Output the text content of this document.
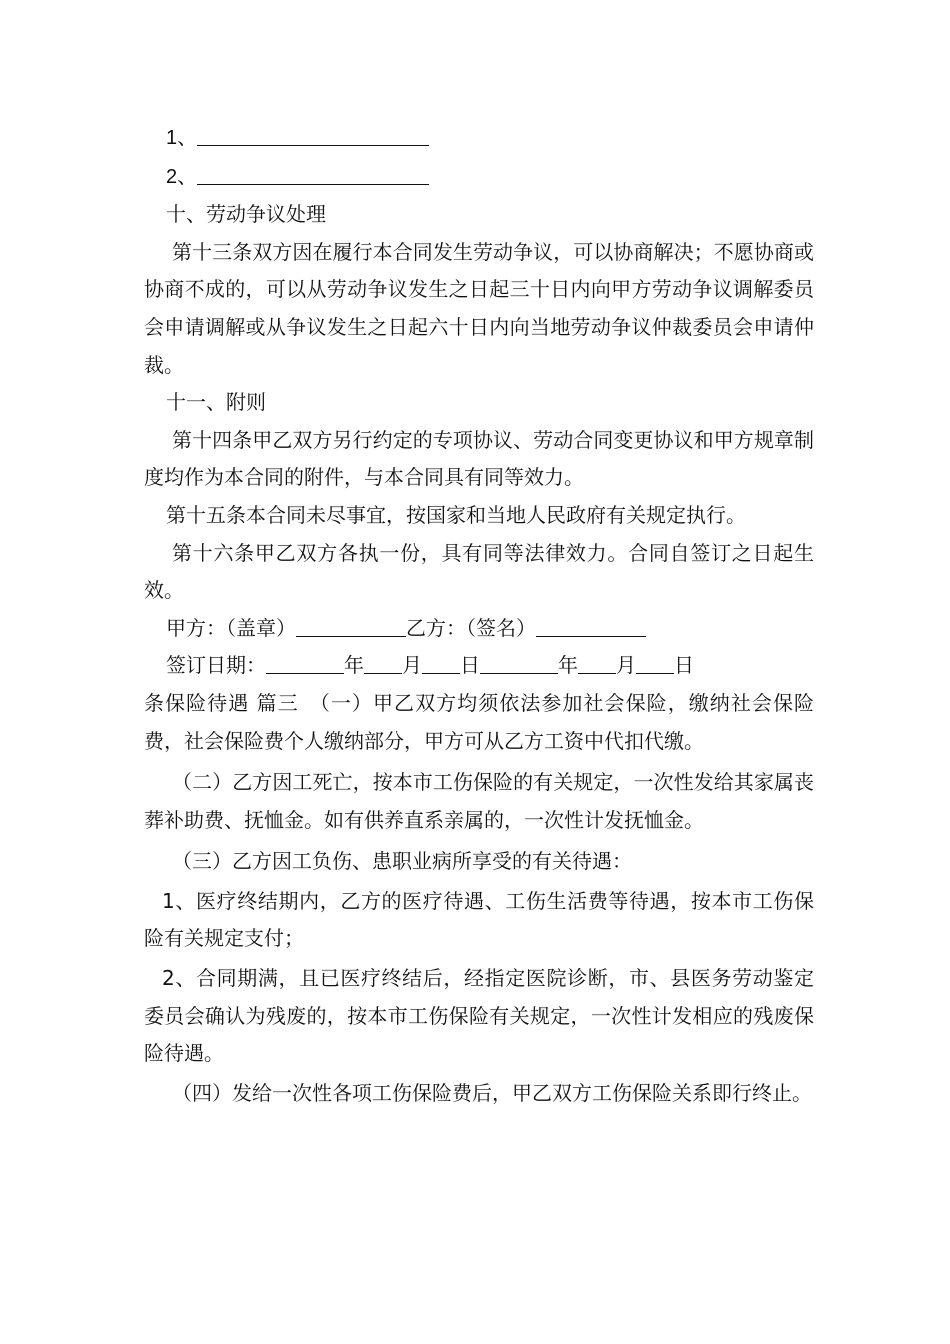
1、

2、

十、劳动争议处理

第十三条双方因在履行本合同发生劳动争议，可以协商解决；不愿协商或协商不成的，可以从劳动争议发生之日起三十日内向甲方劳动争议调解委员会申请调解或从争议发生之日起六十日内向当地劳动争议仲裁委员会申请仲裁。

十一、附则

第十四条甲乙双方另行约定的专项协议、劳动合同变更协议和甲方规章制度均作为本合同的附件，与本合同具有同等效力。

第十五条本合同未尽事宜，按国家和当地人民政府有关规定执行。

第十六条甲乙双方各执一份，具有同等法律效力。合同自签订之日起生效。

甲方：（盖章）	乙方：（签名）

签订日期：	年 月 日	年 月 日

条保险待遇 篇三　（一）甲乙双方均须依法参加社会保险，缴纳社会保险费，社会保险费个人缴纳部分，甲方可从乙方工资中代扣代缴。

（二）乙方因工死亡，按本市工伤保险的有关规定，一次性发给其家属丧葬补助费、抚恤金。如有供养直系亲属的，一次性计发抚恤金。

（三）乙方因工负伤、患职业病所享受的有关待遇：

1、医疗终结期内，乙方的医疗待遇、工伤生活费等待遇，按本市工伤保险有关规定支付；

2、合同期满，且已医疗终结后，经指定医院诊断，市、县医务劳动鉴定委员会确认为残废的，按本市工伤保险有关规定，一次性计发相应的残废保险待遇。

（四）发给一次性各项工伤保险费后，甲乙双方工伤保险关系即行终止。
